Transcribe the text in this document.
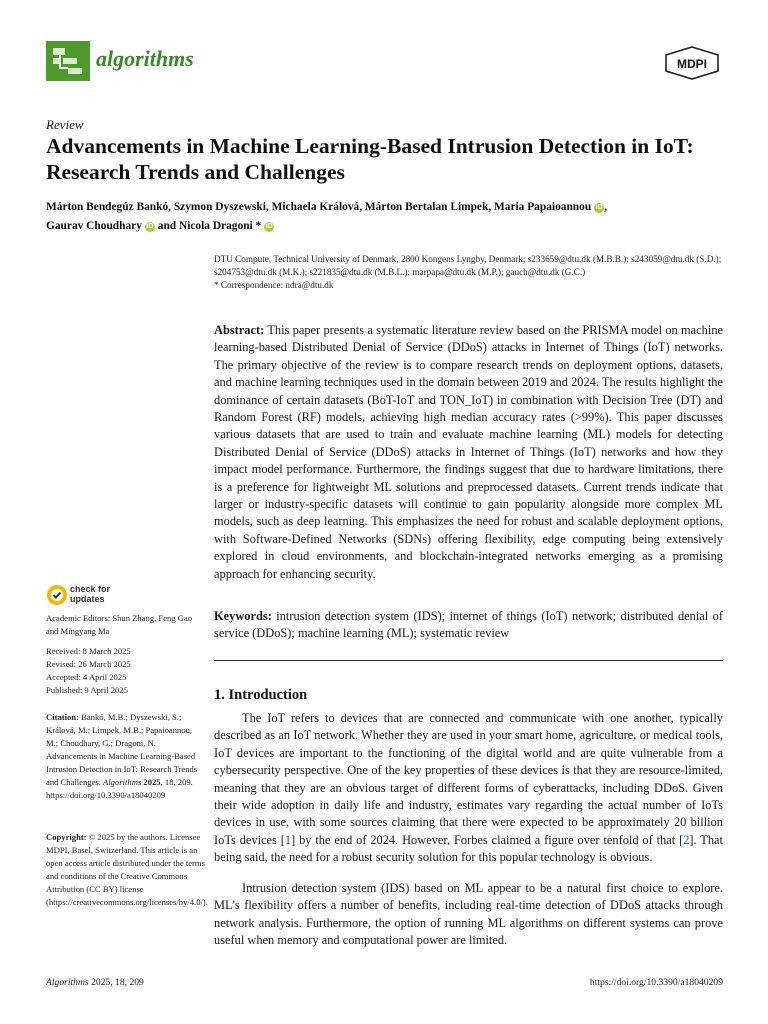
algorithms	MDPI
Review
Advancements in Machine Learning-Based Intrusion Detection in IoT: Research Trends and Challenges
Márton Bendegúz Bankó, Szymon Dyszewski, Michaela Králová, Márton Bertalan Limpek, Maria Papaioannou iD ,
Gaurav Choudhary iD and Nicola Dragoni * iD
DTU Compute, Technical University of Denmark, 2800 Kongens Lyngby, Denmark; s233659@dtu.dk (M.B.B.); s243059@dtu.dk (S.D.); s204753@dtu.dk (M.K.); s221835@dtu.dk (M.B.L.); marpapa@dtu.dk (M.P.); gauch@dtu.dk (G.C.)
* Correspondence: ndra@dtu.dk
Abstract: This paper presents a systematic literature review based on the PRISMA model on machine learning-based Distributed Denial of Service (DDoS) attacks in Internet of Things (IoT) networks. The primary objective of the review is to compare research trends on deployment options, datasets, and machine learning techniques used in the domain between 2019 and 2024. The results highlight the dominance of certain datasets (BoT-IoT and TON_IoT) in combination with Decision Tree (DT) and Random Forest (RF) models, achieving high median accuracy rates (>99%). This paper discusses various datasets that are used to train and evaluate machine learning (ML) models for detecting Distributed Denial of Service (DDoS) attacks in Internet of Things (IoT) networks and how they impact model performance. Furthermore, the findings suggest that due to hardware limitations, there is a preference for lightweight ML solutions and preprocessed datasets. Current trends indicate that larger or industry-specific datasets will continue to gain popularity alongside more complex ML models, such as deep learning. This emphasizes the need for robust and scalable deployment options, with Software-Defined Networks (SDNs) offering flexibility, edge computing being extensively explored in cloud environments, and blockchain-integrated networks emerging as a promising approach for enhancing security.
Keywords: intrusion detection system (IDS); internet of things (IoT) network; distributed denial of service (DDoS); machine learning (ML); systematic review
1. Introduction
The IoT refers to devices that are connected and communicate with one another, typically described as an IoT network. Whether they are used in your smart home, agriculture, or medical tools, IoT devices are important to the functioning of the digital world and are quite vulnerable from a cybersecurity perspective. One of the key properties of these devices is that they are resource-limited, meaning that they are an obvious target of different forms of cyberattacks, including DDoS. Given their wide adoption in daily life and industry, estimates vary regarding the actual number of IoTs devices in use, with some sources claiming that there were expected to be approximately 20 billion IoTs devices [1] by the end of 2024. However, Forbes claimed a figure over tenfold of that [2]. That being said, the need for a robust security solution for this popular technology is obvious.
Intrusion detection system (IDS) based on ML appear to be a natural first choice to explore. ML’s flexibility offers a number of benefits, including real-time detection of DDoS attacks through network analysis. Furthermore, the option of running ML algorithms on different systems can prove useful when memory and computational power are limited.
check for
updates
Academic Editors: Shun Zhang, Feng Gao and Mingyang Ma
Received: 8 March 2025
Revised: 26 March 2025
Accepted: 4 April 2025
Published: 9 April 2025
Citation: Bankó, M.B.; Dyszewski, S.; Králová, M.; Limpek, M.B.; Papaioannou, M.; Choudhary, G.; Dragoni, N. Advancements in Machine Learning-Based Intrusion Detection in IoT: Research Trends and Challenges. Algorithms 2025, 18, 209. https://doi.org/10.3390/a18040209
Copyright: © 2025 by the authors. Licensee MDPI, Basel, Switzerland. This article is an open access article distributed under the terms and conditions of the Creative Commons Attribution (CC BY) license (https://creativecommons.org/licenses/by/4.0/).
Algorithms 2025, 18, 209	https://doi.org/10.3390/a18040209
